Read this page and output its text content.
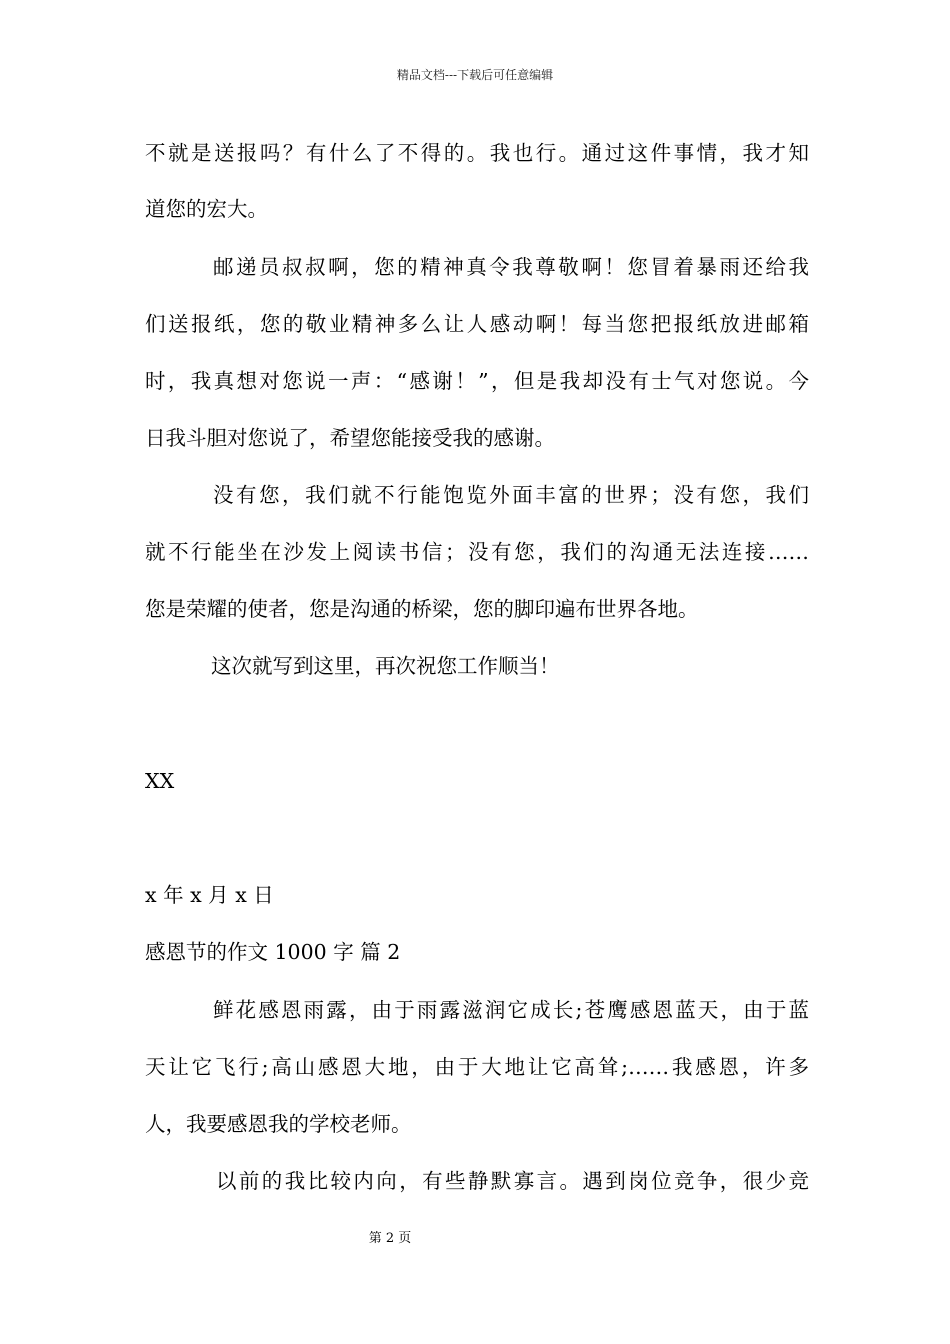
精品文档---下载后可任意编辑
不就是送报吗？有什么了不得的。我也行。通过这件事情，我才知
道您的宏大。
邮递员叔叔啊，您的精神真令我尊敬啊！您冒着暴雨还给我
们送报纸，您的敬业精神多么让人感动啊！每当您把报纸放进邮箱
时，我真想对您说一声：“感谢！”，但是我却没有士气对您说。今
日我斗胆对您说了，希望您能接受我的感谢。
没有您，我们就不行能饱览外面丰富的世界；没有您，我们
就不行能坐在沙发上阅读书信；没有您，我们的沟通无法连接……
您是荣耀的使者，您是沟通的桥梁，您的脚印遍布世界各地。
这次就写到这里，再次祝您工作顺当！
XX
x 年 x 月 x 日
感恩节的作文 1000 字 篇 2
鲜花感恩雨露，由于雨露滋润它成长;苍鹰感恩蓝天，由于蓝
天让它飞行;高山感恩大地，由于大地让它高耸;……我感恩，许多
人，我要感恩我的学校老师。
以前的我比较内向，有些静默寡言。遇到岗位竞争，很少竞
第 2 页
